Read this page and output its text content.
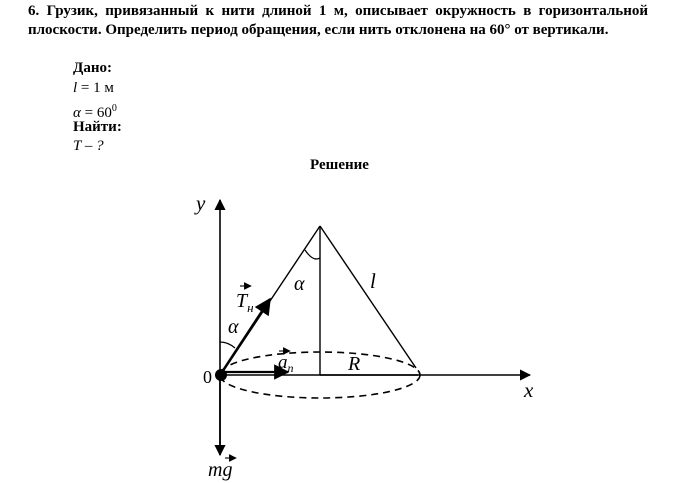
6. Грузик, привязанный к нити длиной 1 м, описывает окружность в горизонтальной плоскости. Определить период обращения, если нить отклонена на 60° от вертикали.

Дано:
l = 1 м
$\alpha = 60^0$
Найти:
T – ?
Решение
y
x
0
$T_н$
α
α	l
$a_n$	R
mg
